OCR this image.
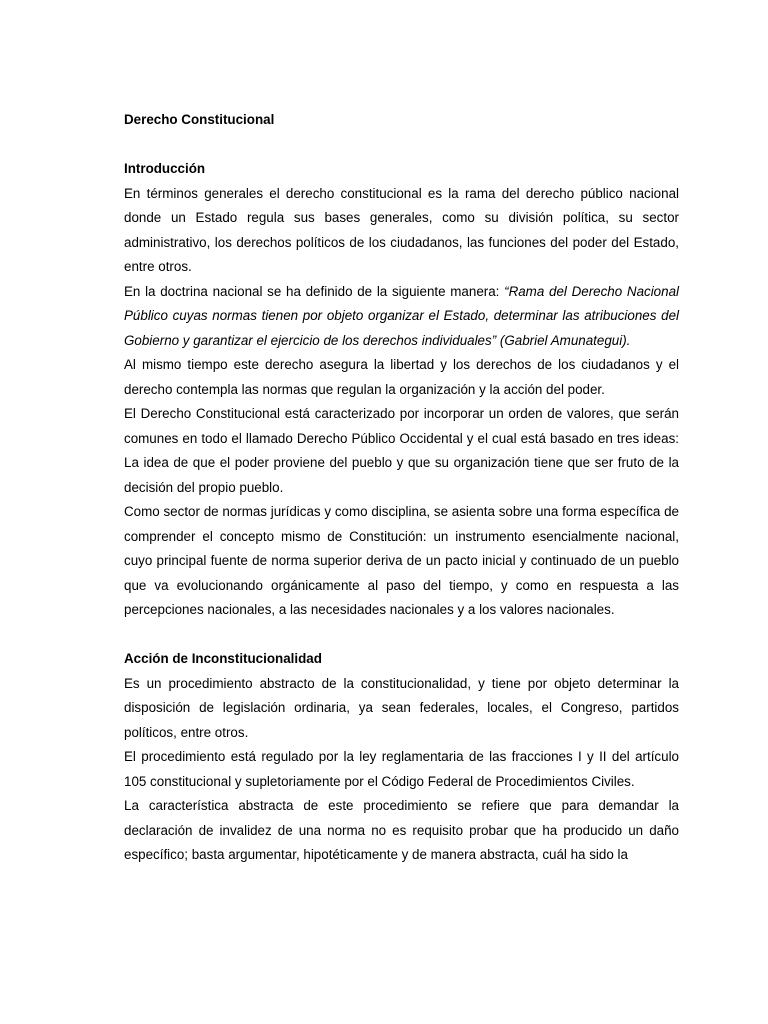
Derecho Constitucional

Introducción

En términos generales el derecho constitucional es la rama del derecho público nacional donde un Estado regula sus bases generales, como su división política, su sector administrativo, los derechos políticos de los ciudadanos, las funciones del poder del Estado, entre otros.

En la doctrina nacional se ha definido de la siguiente manera: “Rama del Derecho Nacional Público cuyas normas tienen por objeto organizar el Estado, determinar las atribuciones del Gobierno y garantizar el ejercicio de los derechos individuales” (Gabriel Amunategui).

Al mismo tiempo este derecho asegura la libertad y los derechos de los ciudadanos y el derecho contempla las normas que regulan la organización y la acción del poder.

El Derecho Constitucional está caracterizado por incorporar un orden de valores, que serán comunes en todo el llamado Derecho Público Occidental y el cual está basado en tres ideas: La idea de que el poder proviene del pueblo y que su organización tiene que ser fruto de la decisión del propio pueblo.

Como sector de normas jurídicas y como disciplina, se asienta sobre una forma específica de comprender el concepto mismo de Constitución: un instrumento esencialmente nacional, cuyo principal fuente de norma superior deriva de un pacto inicial y continuado de un pueblo que va evolucionando orgánicamente al paso del tiempo, y como en respuesta a las percepciones nacionales, a las necesidades nacionales y a los valores nacionales.

Acción de Inconstitucionalidad

Es un procedimiento abstracto de la constitucionalidad, y tiene por objeto determinar la disposición de legislación ordinaria, ya sean federales, locales, el Congreso, partidos políticos, entre otros.

El procedimiento está regulado por la ley reglamentaria de las fracciones I y II del artículo 105 constitucional y supletoriamente por el Código Federal de Procedimientos Civiles.

La característica abstracta de este procedimiento se refiere que para demandar la declaración de invalidez de una norma no es requisito probar que ha producido un daño específico; basta argumentar, hipotéticamente y de manera abstracta, cuál ha sido la
